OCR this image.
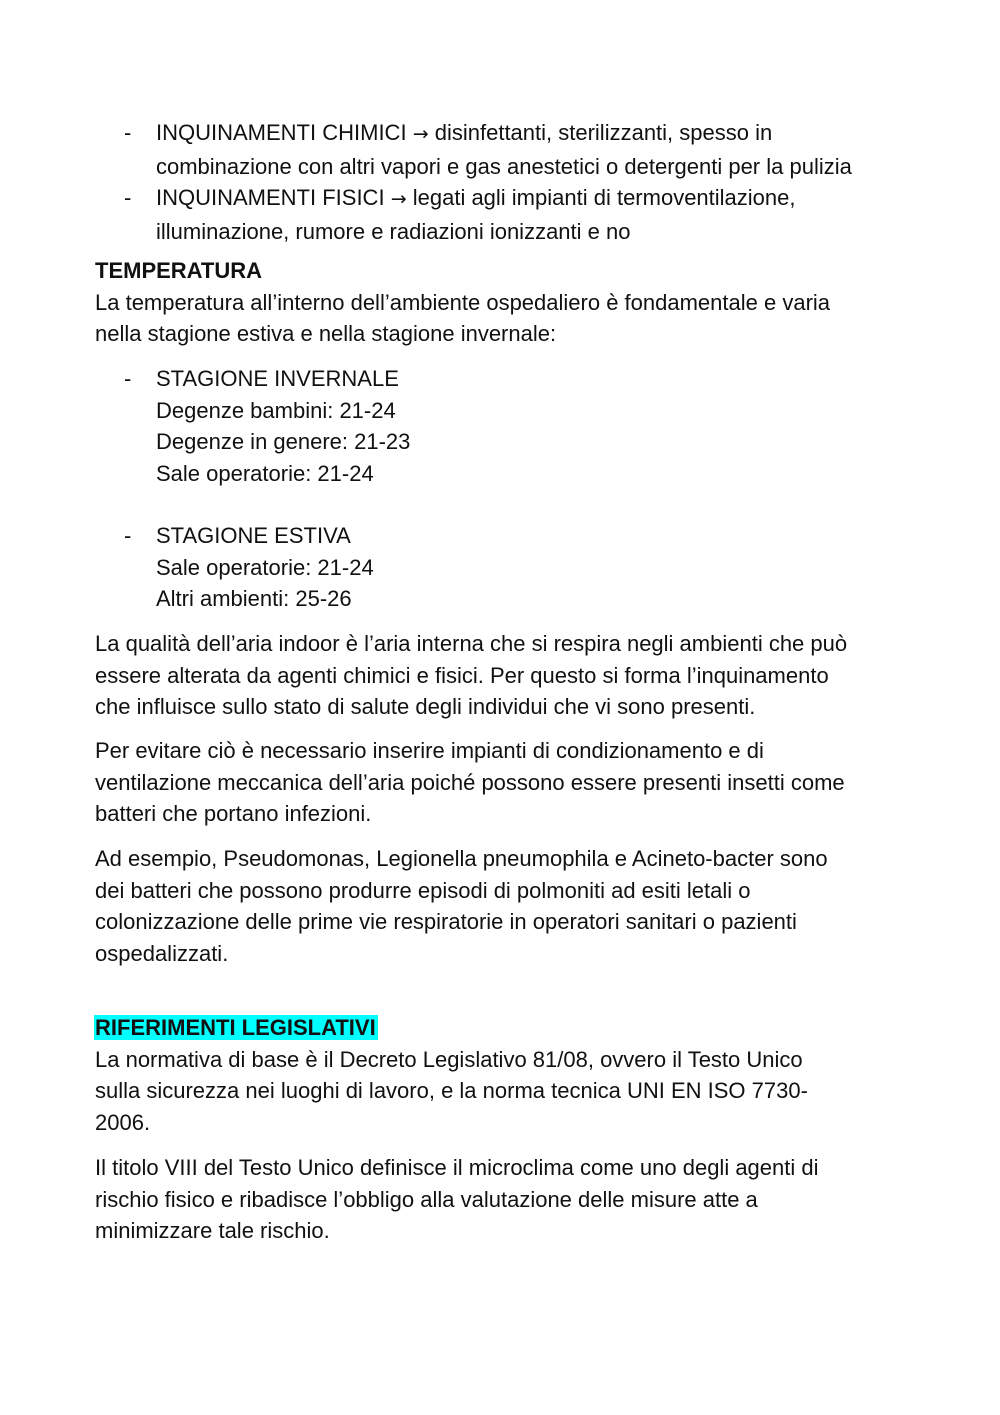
- INQUINAMENTI CHIMICI → disinfettanti, sterilizzanti, spesso in
combinazione con altri vapori e gas anestetici o detergenti per la pulizia
- INQUINAMENTI FISICI → legati agli impianti di termoventilazione,
illuminazione, rumore e radiazioni ionizzanti e no
TEMPERATURA
La temperatura all’interno dell’ambiente ospedaliero è fondamentale e varia
nella stagione estiva e nella stagione invernale:
- STAGIONE INVERNALE
Degenze bambini: 21-24
Degenze in genere: 21-23
Sale operatorie: 21-24
- STAGIONE ESTIVA
Sale operatorie: 21-24
Altri ambienti: 25-26
La qualità dell’aria indoor è l’aria interna che si respira negli ambienti che può
essere alterata da agenti chimici e fisici. Per questo si forma l’inquinamento
che influisce sullo stato di salute degli individui che vi sono presenti.
Per evitare ciò è necessario inserire impianti di condizionamento e di
ventilazione meccanica dell’aria poiché possono essere presenti insetti come
batteri che portano infezioni.
Ad esempio, Pseudomonas, Legionella pneumophila e Acineto-bacter sono
dei batteri che possono produrre episodi di polmoniti ad esiti letali o
colonizzazione delle prime vie respiratorie in operatori sanitari o pazienti
ospedalizzati.
RIFERIMENTI LEGISLATIVI
La normativa di base è il Decreto Legislativo 81/08, ovvero il Testo Unico
sulla sicurezza nei luoghi di lavoro, e la norma tecnica UNI EN ISO 7730-
2006.
Il titolo VIII del Testo Unico definisce il microclima come uno degli agenti di
rischio fisico e ribadisce l’obbligo alla valutazione delle misure atte a
minimizzare tale rischio.
